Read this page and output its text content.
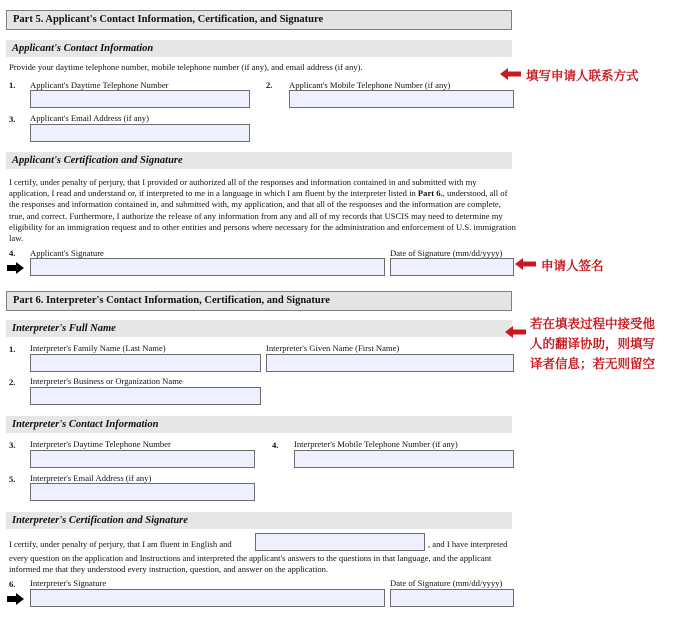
Part 5. Applicant's Contact Information, Certification, and Signature
Applicant's Contact Information
Provide your daytime telephone number, mobile telephone number (if any), and email address (if any).
1. Applicant's Daytime Telephone Number	2. Applicant's Mobile Telephone Number (if any)
3. Applicant's Email Address (if any)
Applicant's Certification and Signature
I certify, under penalty of perjury, that I provided or authorized all of the responses and information contained in and submitted with my application, I read and understand or, if interpreted to me in a language in which I am fluent by the interpreter listed in Part 6., understood, all of the responses and information contained in, and submitted with, my application, and that all of the responses and the information are complete, true, and correct. Furthermore, I authorize the release of any information from any and all of my records that USCIS may need to determine my eligibility for an immigration request and to other entities and persons where necessary for the administration and enforcement of U.S. immigration law.
4. Applicant's Signature	Date of Signature (mm/dd/yyyy)
Part 6. Interpreter's Contact Information, Certification, and Signature
Interpreter's Full Name
1. Interpreter's Family Name (Last Name)	Interpreter's Given Name (First Name)
2. Interpreter's Business or Organization Name
Interpreter's Contact Information
3. Interpreter's Daytime Telephone Number	4. Interpreter's Mobile Telephone Number (if any)
5. Interpreter's Email Address (if any)
Interpreter's Certification and Signature
I certify, under penalty of perjury, that I am fluent in English and	, and I have interpreted
every question on the application and Instructions and interpreted the applicant's answers to the questions in that language, and the applicant informed me that they understood every instruction, question, and answer on the application.
6. Interpreter's Signature	Date of Signature (mm/dd/yyyy)
填写申请人联系方式
申请人签名
若在填表过程中接受他
人的翻译协助，则填写
译者信息；若无则留空
